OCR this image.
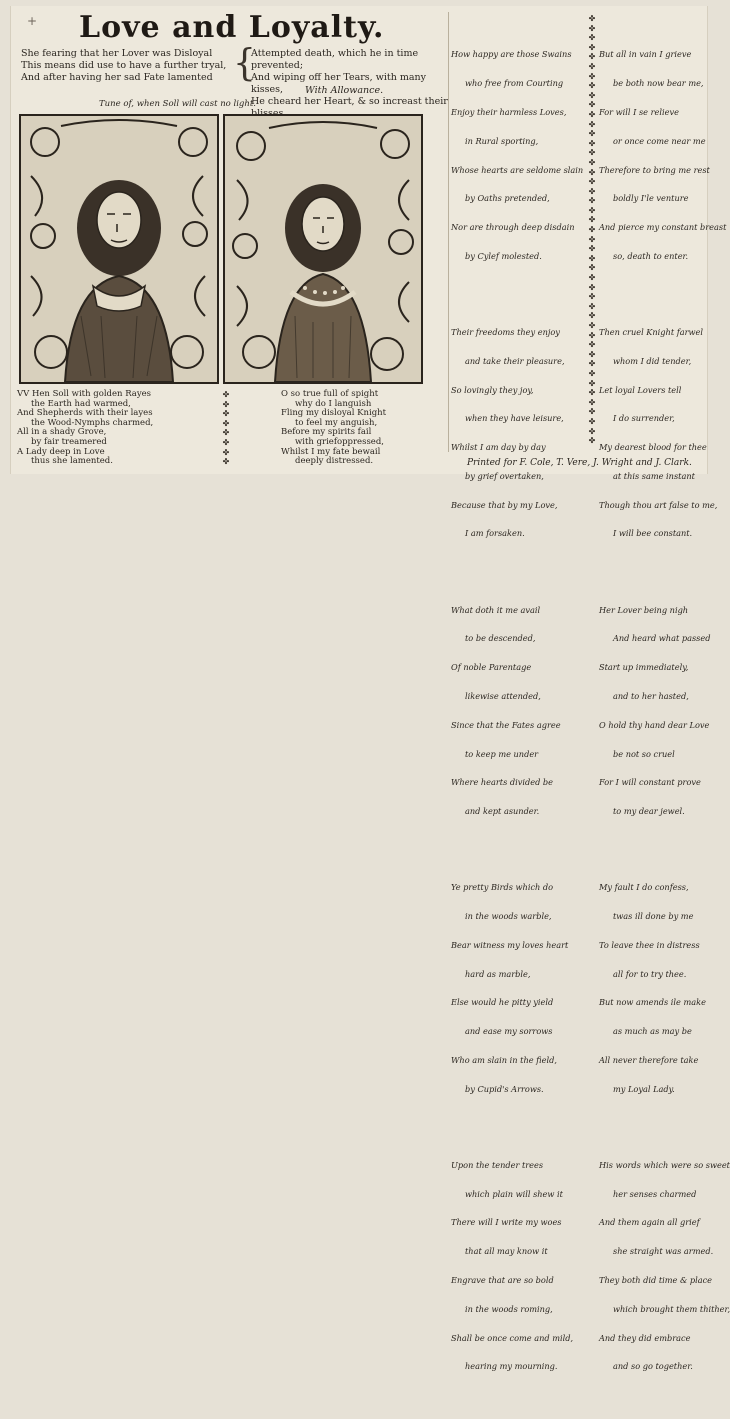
+ Love and Loyalty.
She fearing that her Lover was Disloyal
This means did use to have a further tryal,
And after having her sad Fate lamented {
Attempted death, which he in time prevented;
And wiping off her Tears, with many kisses,
He cheard her Heart, & so increast their
With Allowance.
Tune of, when Soll will cast no light.
VV Hen Soll with golden Rayes
the Earth had warmed,
And Shepherds with their layes
the Wood-Nymphs charmed,
All in a shady Grove,
by fair treamered
A Lady deep in Love
thus she lamented.
✤
✤
✤
✤
✤
✤
✤
✤
O so true full of spight
why do I languish
Fling my disloyal Knight
to feel my anguish,
Before my spirits fail
with griefoppressed,
Whilst I my fate bewail
deeply distressed.

How happy are those Swains

who free from Courting

Enjoy their harmless Loves,

in Rural sporting,

Whose hearts are seldome slain

by Oaths pretended,

Nor are through deep disdain

by Cylef molested.

Their freedoms they enjoy

and take their pleasure,

So lovingly they joy,

when they have leisure,

Whilst I am day by day

by grief overtaken,

Because that by my Love,

I am forsaken.

What doth it me avail

to be descended,

Of noble Parentage

likewise attended,

Since that the Fates agree

to keep me under

Where hearts divided be

and kept asunder.

Ye pretty Birds which do

in the woods warble,

Bear witness my loves heart

hard as marble,

Else would he pitty yield

and ease my sorrows

Who am slain in the field,

by Cupid's Arrows.

Upon the tender trees

which plain will shew it

There will I write my woes

that all may know it

Engrave that are so bold

in the woods roming,

Shall be once come and mild,

hearing my mourning.

✤
✤
✤
✤
✤
✤
✤
✤
✤
✤
✤
✤
✤
✤
✤
✤
✤
✤
✤
✤
✤
✤
✤
✤
✤
✤
✤
✤
✤
✤
✤
✤
✤
✤
✤
✤
✤
✤
✤
✤
✤
✤
✤
✤
✤

But all in vain I grieve

be both now bear me,

For will I se relieve

or once come near me

Therefore to bring me rest

boldly I'le venture

And pierce my constant breast

so, death to enter.

Then cruel Knight farwel

whom I did tender,

Let loyal Lovers tell

I do surrender,

My dearest blood for thee

at this same instant

Though thou art false to me,

I will bee constant.

Her Lover being nigh

And heard what passed

Start up immediately,

and to her hasted,

O hold thy hand dear Love

be not so cruel

For I will constant prove

to my dear jewel.

My fault I do confess,

twas ill done by me

To leave thee in distress

all for to try thee.

But now amends ile make

as much as may be

All never therefore take

my Loyal Lady.

His words which were so sweet

her senses charmed

And them again all grief

she straight was armed.

They both did time & place

which brought them thither,

And they did embrace

and so go together.

Printed for F. Cole, T. Vere, J. Wright and J. Clark.
